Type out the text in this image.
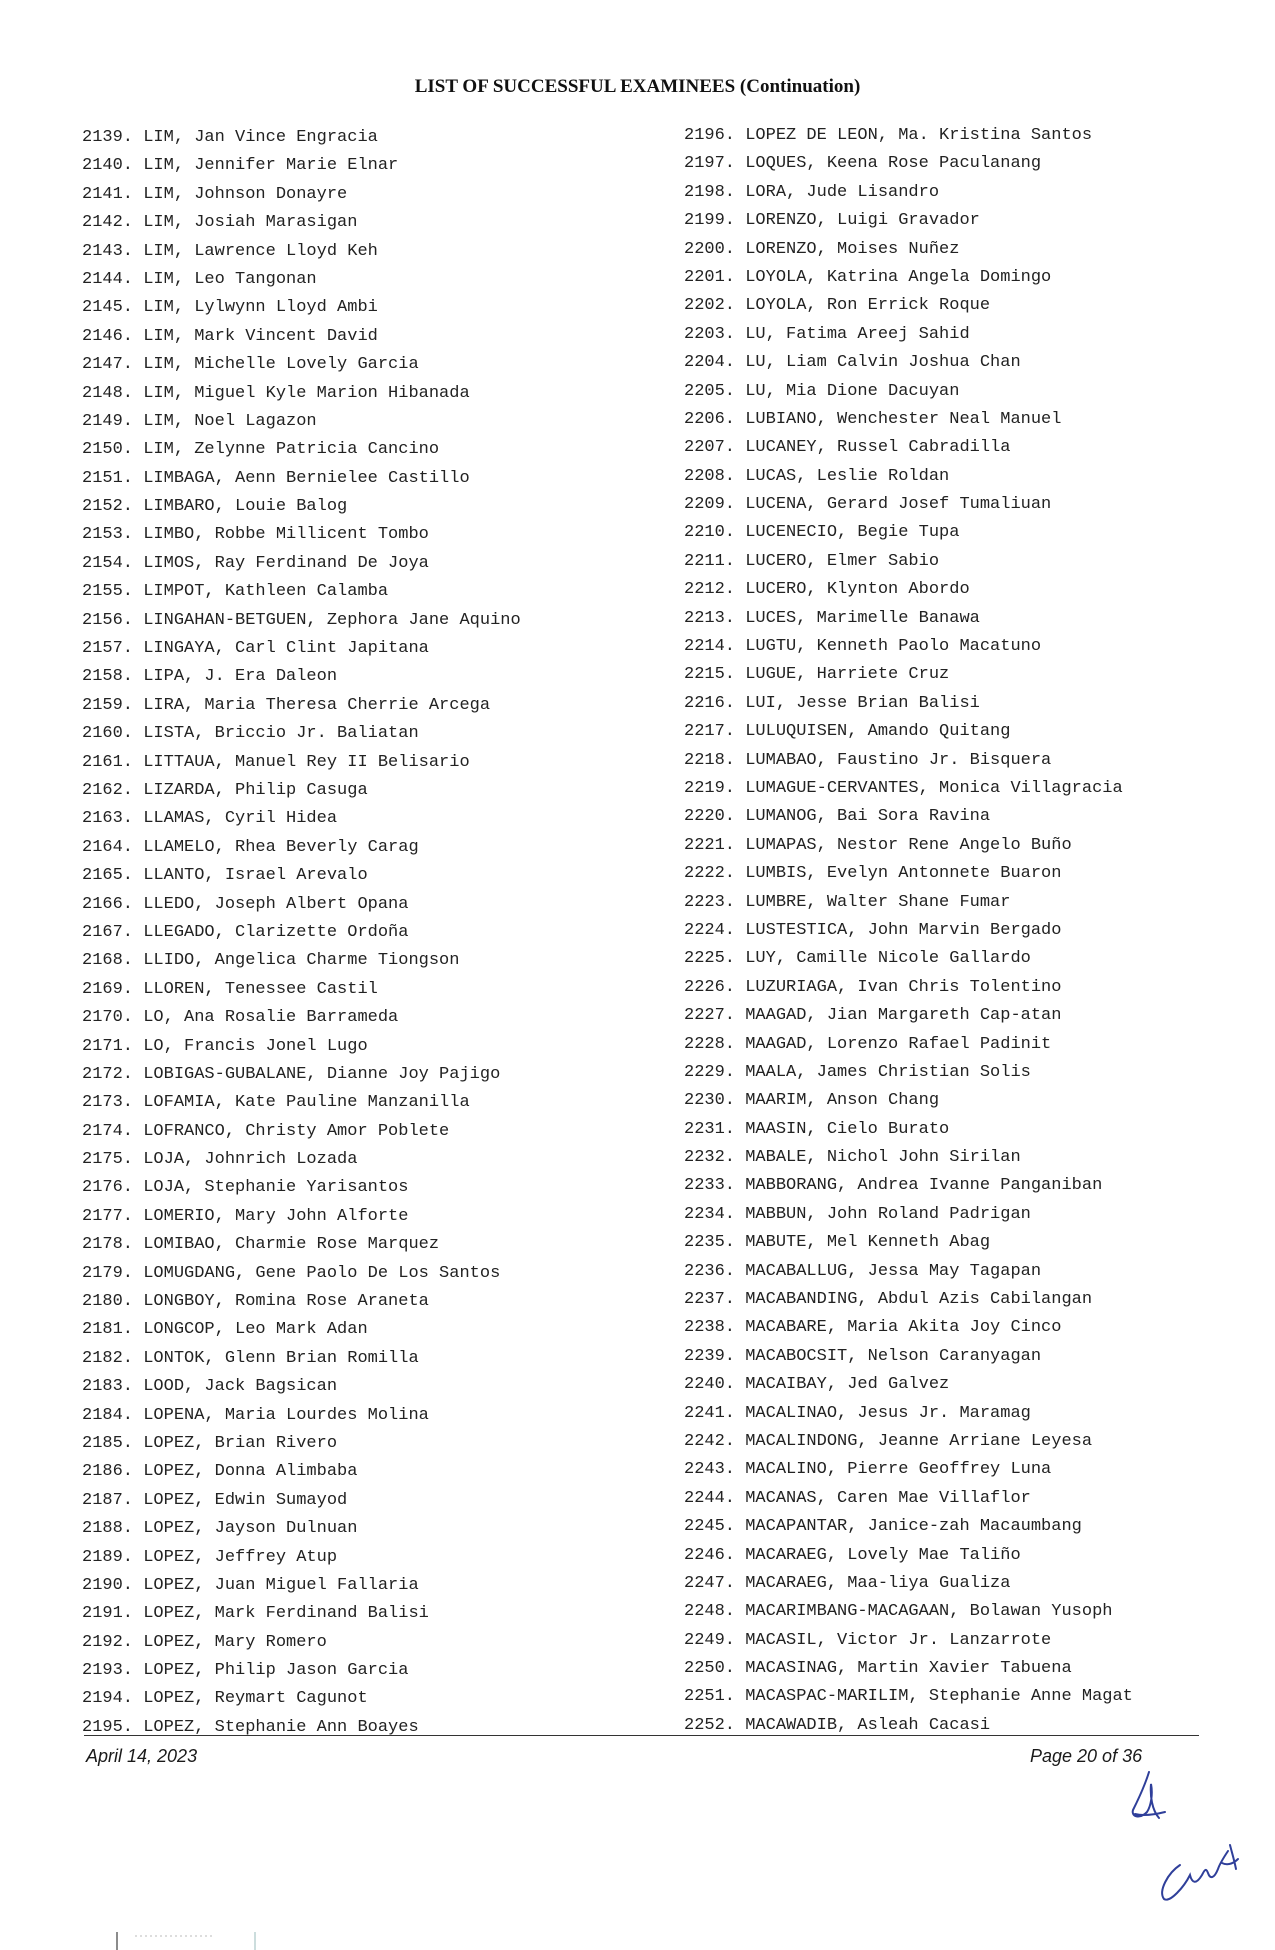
LIST OF SUCCESSFUL EXAMINEES (Continuation)
2139. LIM, Jan Vince Engracia
2140. LIM, Jennifer Marie Elnar
2141. LIM, Johnson Donayre
2142. LIM, Josiah Marasigan
2143. LIM, Lawrence Lloyd Keh
2144. LIM, Leo Tangonan
2145. LIM, Lylwynn Lloyd Ambi
2146. LIM, Mark Vincent David
2147. LIM, Michelle Lovely Garcia
2148. LIM, Miguel Kyle Marion Hibanada
2149. LIM, Noel Lagazon
2150. LIM, Zelynne Patricia Cancino
2151. LIMBAGA, Aenn Bernielee Castillo
2152. LIMBARO, Louie Balog
2153. LIMBO, Robbe Millicent Tombo
2154. LIMOS, Ray Ferdinand De Joya
2155. LIMPOT, Kathleen Calamba
2156. LINGAHAN-BETGUEN, Zephora Jane Aquino
2157. LINGAYA, Carl Clint Japitana
2158. LIPA, J. Era Daleon
2159. LIRA, Maria Theresa Cherrie Arcega
2160. LISTA, Briccio Jr. Baliatan
2161. LITTAUA, Manuel Rey II Belisario
2162. LIZARDA, Philip Casuga
2163. LLAMAS, Cyril Hidea
2164. LLAMELO, Rhea Beverly Carag
2165. LLANTO, Israel Arevalo
2166. LLEDO, Joseph Albert Opana
2167. LLEGADO, Clarizette Ordoña
2168. LLIDO, Angelica Charme Tiongson
2169. LLOREN, Tenessee Castil
2170. LO, Ana Rosalie Barrameda
2171. LO, Francis Jonel Lugo
2172. LOBIGAS-GUBALANE, Dianne Joy Pajigo
2173. LOFAMIA, Kate Pauline Manzanilla
2174. LOFRANCO, Christy Amor Poblete
2175. LOJA, Johnrich Lozada
2176. LOJA, Stephanie Yarisantos
2177. LOMERIO, Mary John Alforte
2178. LOMIBAO, Charmie Rose Marquez
2179. LOMUGDANG, Gene Paolo De Los Santos
2180. LONGBOY, Romina Rose Araneta
2181. LONGCOP, Leo Mark Adan
2182. LONTOK, Glenn Brian Romilla
2183. LOOD, Jack Bagsican
2184. LOPENA, Maria Lourdes Molina
2185. LOPEZ, Brian Rivero
2186. LOPEZ, Donna Alimbaba
2187. LOPEZ, Edwin Sumayod
2188. LOPEZ, Jayson Dulnuan
2189. LOPEZ, Jeffrey Atup
2190. LOPEZ, Juan Miguel Fallaria
2191. LOPEZ, Mark Ferdinand Balisi
2192. LOPEZ, Mary Romero
2193. LOPEZ, Philip Jason Garcia
2194. LOPEZ, Reymart Cagunot
2195. LOPEZ, Stephanie Ann Boayes
2196. LOPEZ DE LEON, Ma. Kristina Santos
2197. LOQUES, Keena Rose Paculanang
2198. LORA, Jude Lisandro
2199. LORENZO, Luigi Gravador
2200. LORENZO, Moises Nuñez
2201. LOYOLA, Katrina Angela Domingo
2202. LOYOLA, Ron Errick Roque
2203. LU, Fatima Areej Sahid
2204. LU, Liam Calvin Joshua Chan
2205. LU, Mia Dione Dacuyan
2206. LUBIANO, Wenchester Neal Manuel
2207. LUCANEY, Russel Cabradilla
2208. LUCAS, Leslie Roldan
2209. LUCENA, Gerard Josef Tumaliuan
2210. LUCENECIO, Begie Tupa
2211. LUCERO, Elmer Sabio
2212. LUCERO, Klynton Abordo
2213. LUCES, Marimelle Banawa
2214. LUGTU, Kenneth Paolo Macatuno
2215. LUGUE, Harriete Cruz
2216. LUI, Jesse Brian Balisi
2217. LULUQUISEN, Amando Quitang
2218. LUMABAO, Faustino Jr. Bisquera
2219. LUMAGUE-CERVANTES, Monica Villagracia
2220. LUMANOG, Bai Sora Ravina
2221. LUMAPAS, Nestor Rene Angelo Buño
2222. LUMBIS, Evelyn Antonnete Buaron
2223. LUMBRE, Walter Shane Fumar
2224. LUSTESTICA, John Marvin Bergado
2225. LUY, Camille Nicole Gallardo
2226. LUZURIAGA, Ivan Chris Tolentino
2227. MAAGAD, Jian Margareth Cap-atan
2228. MAAGAD, Lorenzo Rafael Padinit
2229. MAALA, James Christian Solis
2230. MAARIM, Anson Chang
2231. MAASIN, Cielo Burato
2232. MABALE, Nichol John Sirilan
2233. MABBORANG, Andrea Ivanne Panganiban
2234. MABBUN, John Roland Padrigan
2235. MABUTE, Mel Kenneth Abag
2236. MACABALLUG, Jessa May Tagapan
2237. MACABANDING, Abdul Azis Cabilangan
2238. MACABARE, Maria Akita Joy Cinco
2239. MACABOCSIT, Nelson Caranyagan
2240. MACAIBAY, Jed Galvez
2241. MACALINAO, Jesus Jr. Maramag
2242. MACALINDONG, Jeanne Arriane Leyesa
2243. MACALINO, Pierre Geoffrey Luna
2244. MACANAS, Caren Mae Villaflor
2245. MACAPANTAR, Janice-zah Macaumbang
2246. MACARAEG, Lovely Mae Taliño
2247. MACARAEG, Maa-liya Gualiza
2248. MACARIMBANG-MACAGAAN, Bolawan Yusoph
2249. MACASIL, Victor Jr. Lanzarrote
2250. MACASINAG, Martin Xavier Tabuena
2251. MACASPAC-MARILIM, Stephanie Anne Magat
2252. MACAWADIB, Asleah Cacasi
April 14, 2023	Page 20 of 36
